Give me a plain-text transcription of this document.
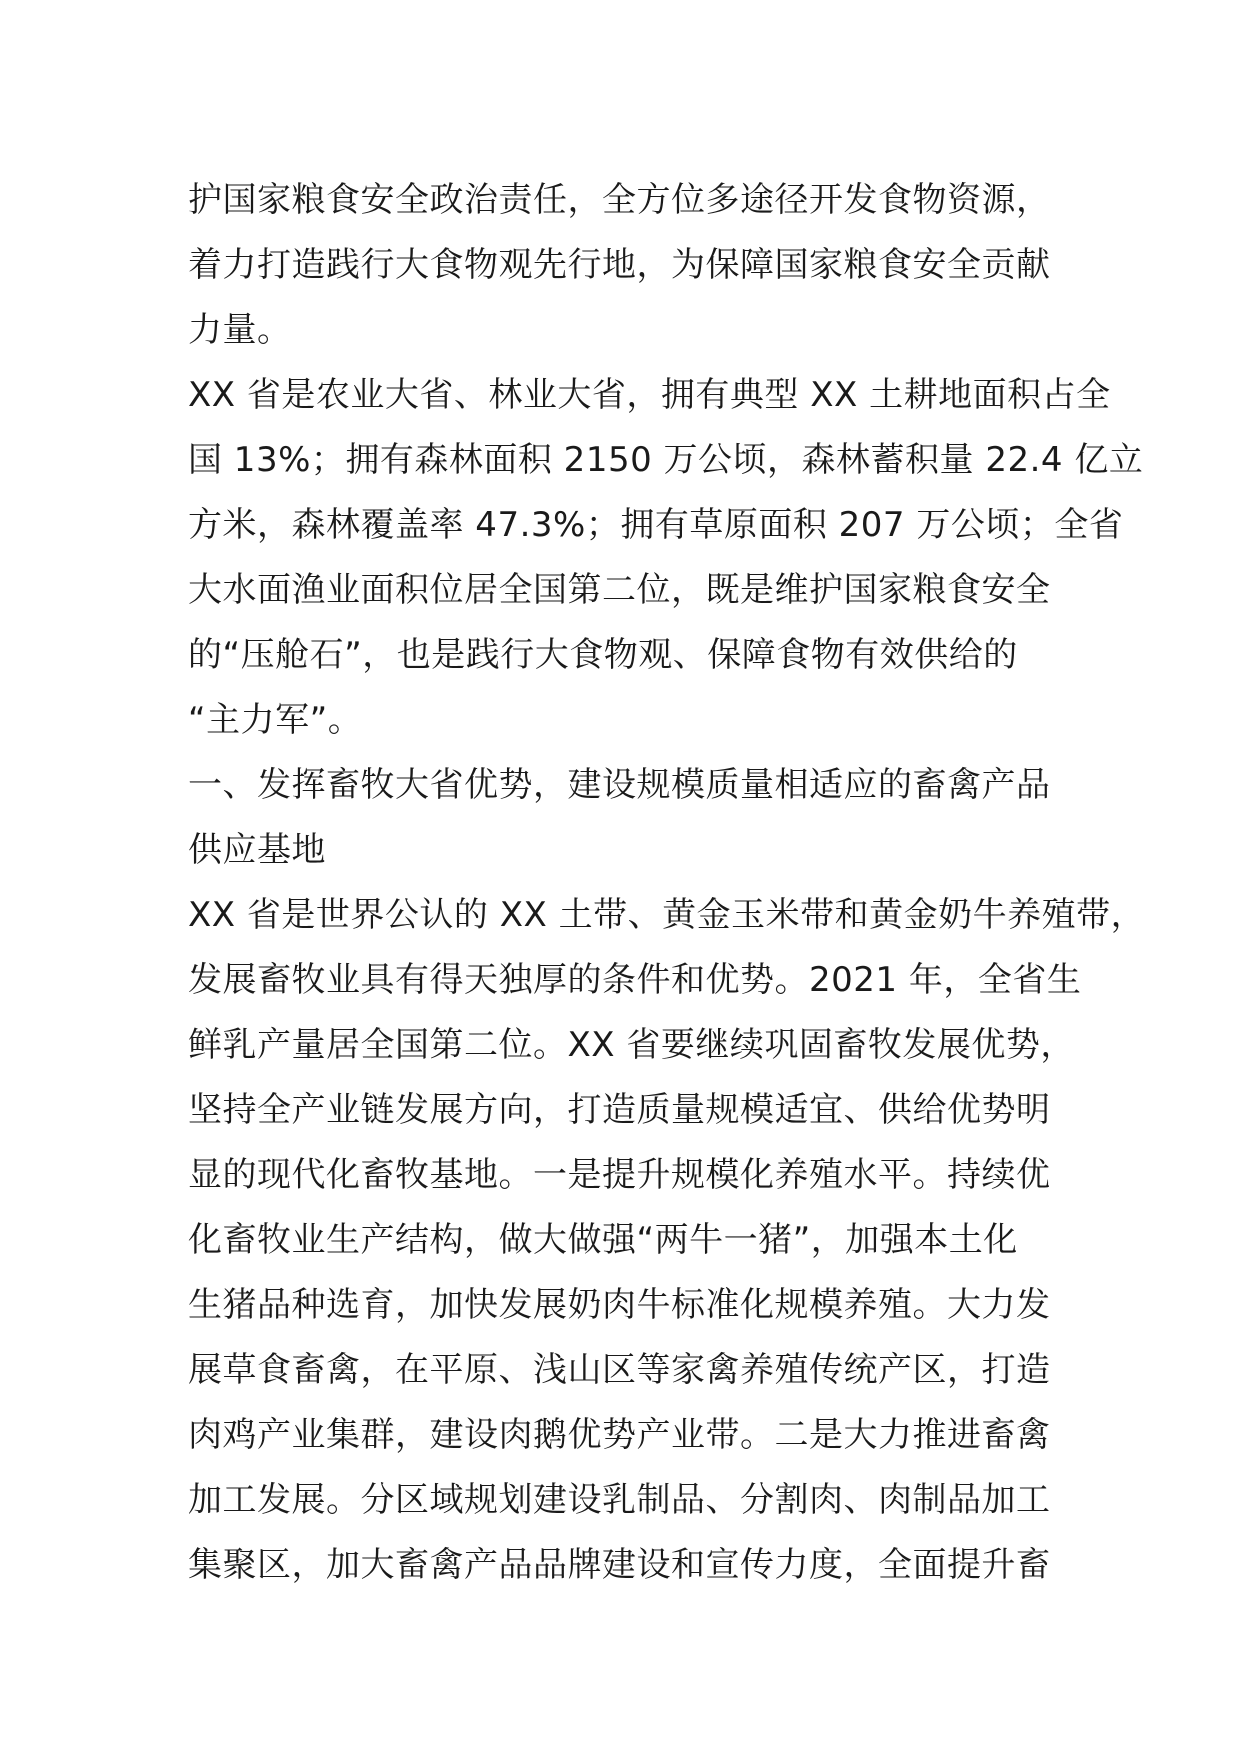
护国家粮食安全政治责任，全方位多途径开发食物资源，
着力打造践行大食物观先行地，为保障国家粮食安全贡献
力量。
XX 省是农业大省、林业大省，拥有典型 XX 土耕地面积占全
国 13%；拥有森林面积 2150 万公顷，森林蓄积量 22.4 亿立
方米，森林覆盖率 47.3%；拥有草原面积 207 万公顷；全省
大水面渔业面积位居全国第二位，既是维护国家粮食安全
的“压舱石”，也是践行大食物观、保障食物有效供给的
“主力军”。
一、发挥畜牧大省优势，建设规模质量相适应的畜禽产品
供应基地
XX 省是世界公认的 XX 土带、黄金玉米带和黄金奶牛养殖带，
发展畜牧业具有得天独厚的条件和优势。2021 年，全省生
鲜乳产量居全国第二位。XX 省要继续巩固畜牧发展优势，
坚持全产业链发展方向，打造质量规模适宜、供给优势明
显的现代化畜牧基地。一是提升规模化养殖水平。持续优
化畜牧业生产结构，做大做强“两牛一猪”，加强本土化
生猪品种选育，加快发展奶肉牛标准化规模养殖。大力发
展草食畜禽，在平原、浅山区等家禽养殖传统产区，打造
肉鸡产业集群，建设肉鹅优势产业带。二是大力推进畜禽
加工发展。分区域规划建设乳制品、分割肉、肉制品加工
集聚区，加大畜禽产品品牌建设和宣传力度，全面提升畜
